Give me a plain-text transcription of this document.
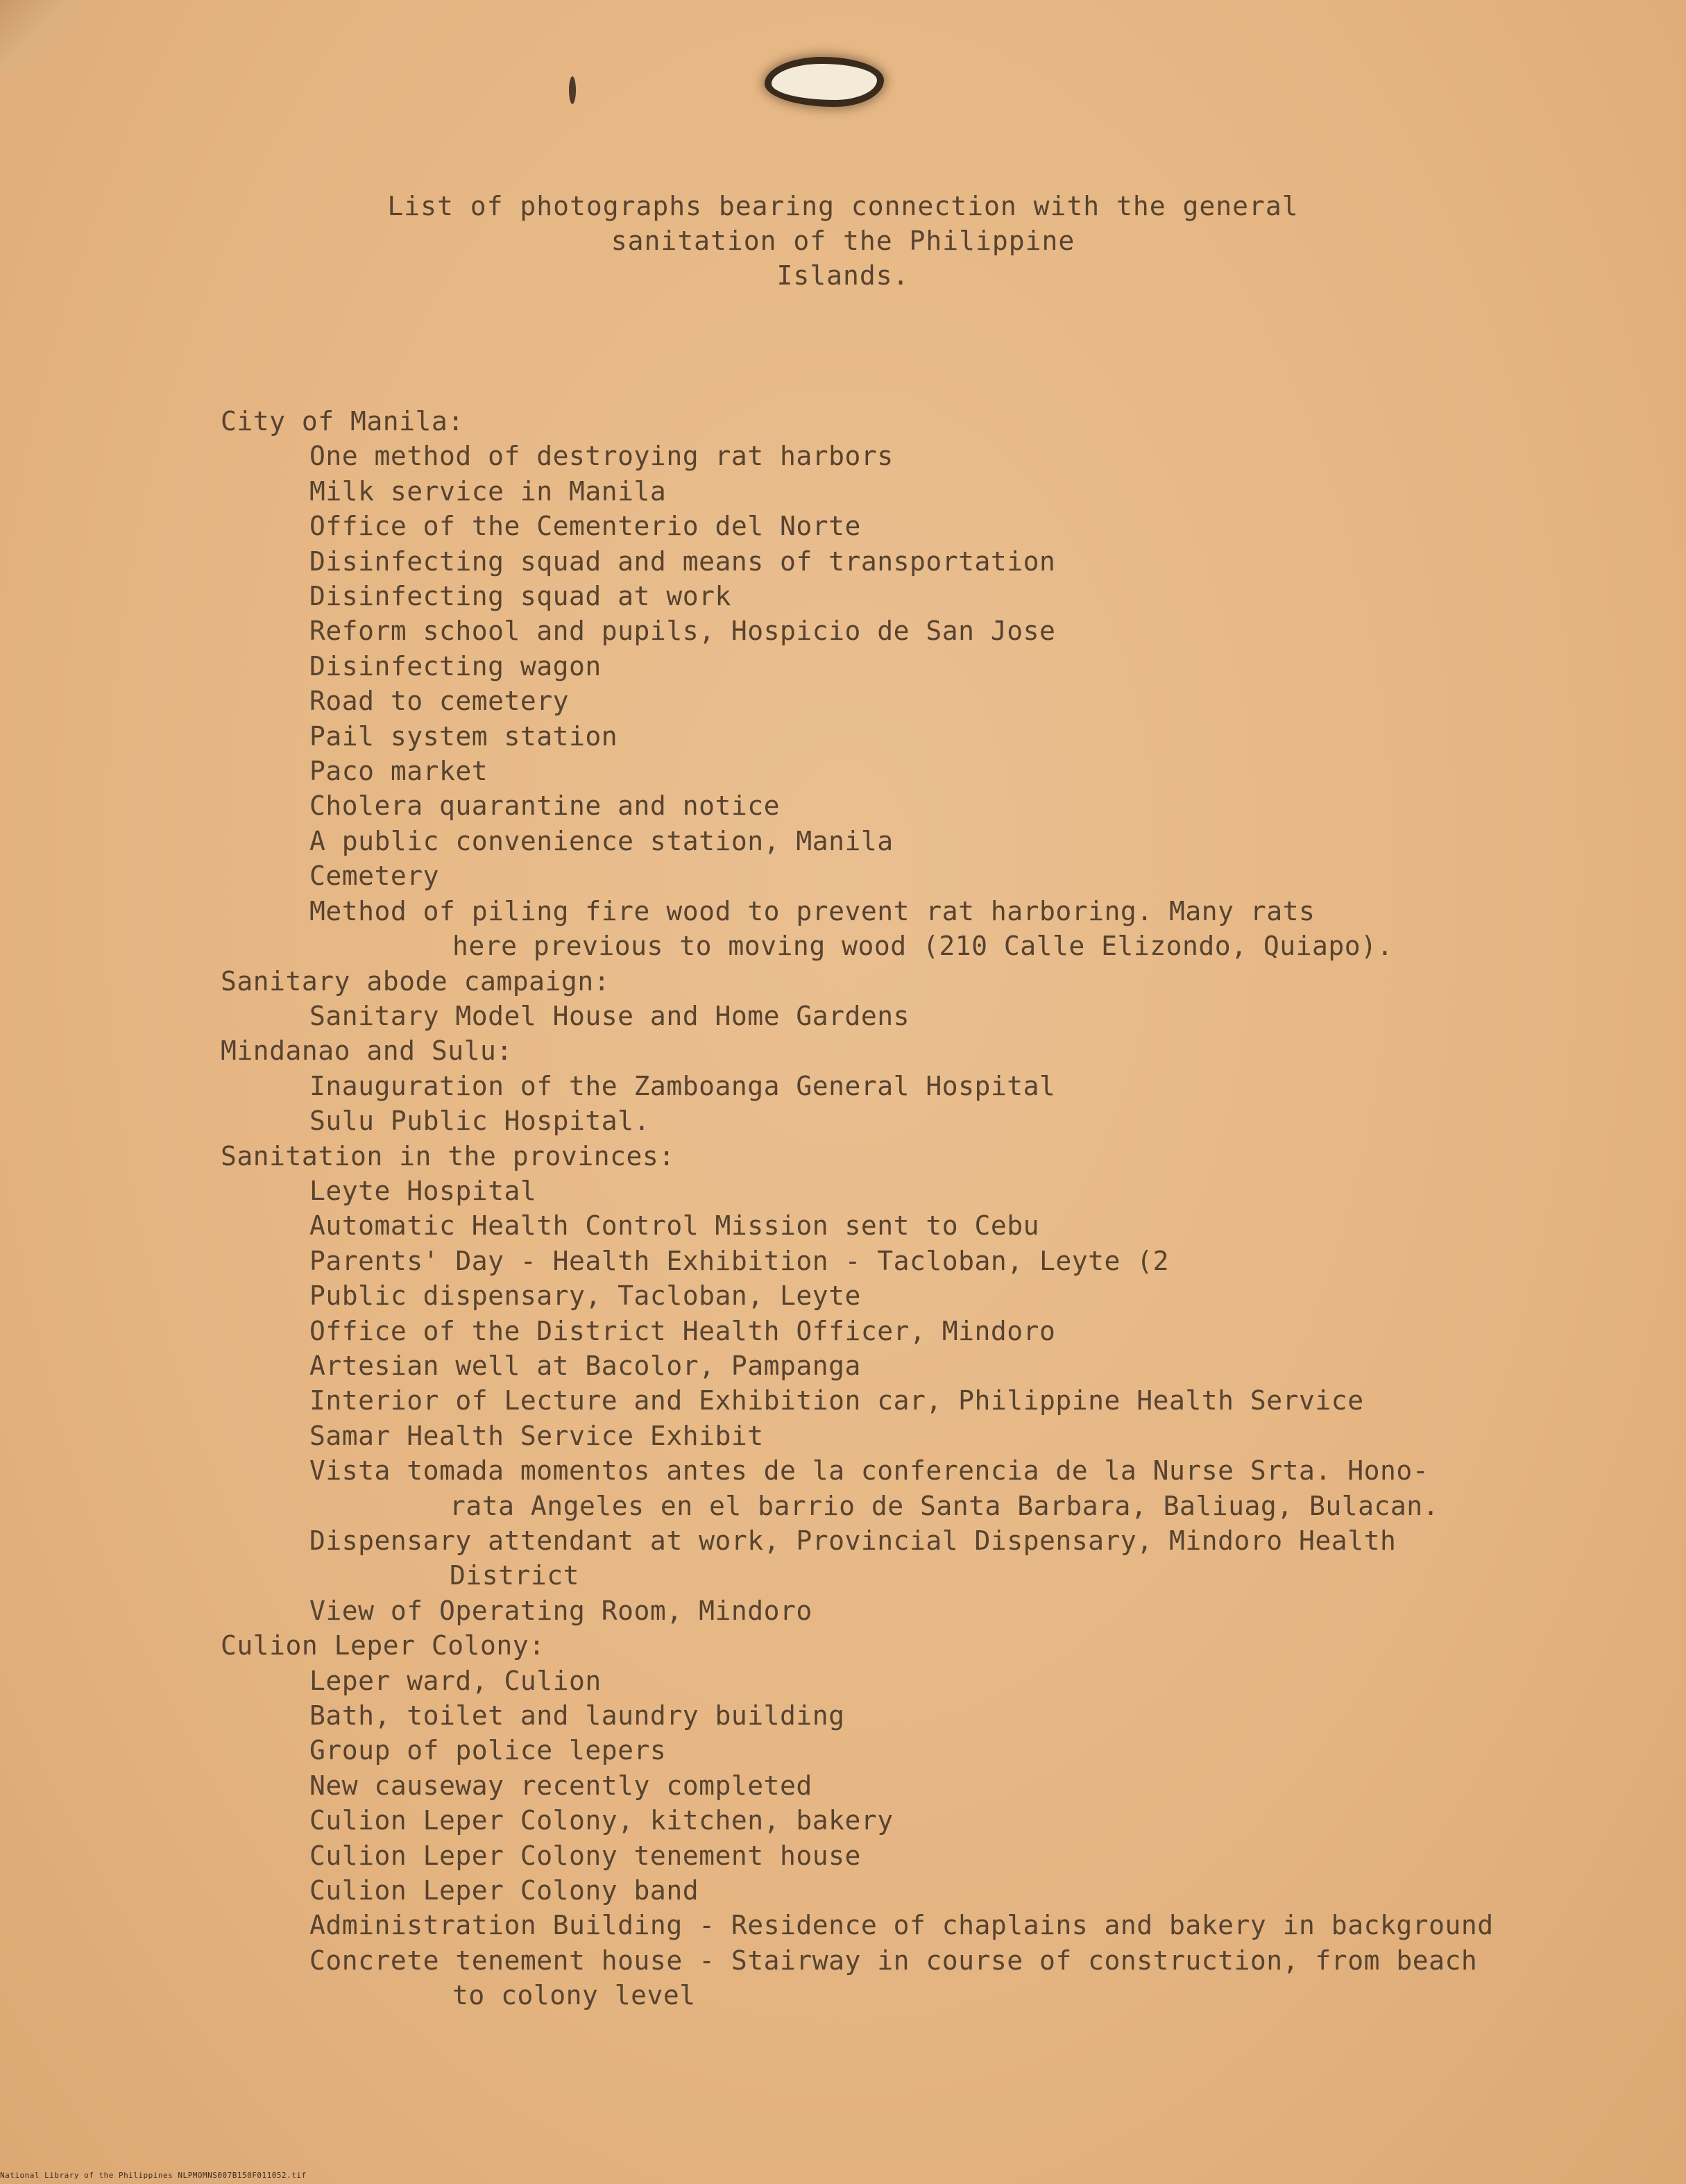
List of photographs bearing connection with the general
sanitation of the Philippine
Islands.
City of Manila:
One method of destroying rat harbors
Milk service in Manila
Office of the Cementerio del Norte
Disinfecting squad and means of transportation
Disinfecting squad at work
Reform school and pupils, Hospicio de San Jose
Disinfecting wagon
Road to cemetery
Pail system station
Paco market
Cholera quarantine and notice
A public convenience station, Manila
Cemetery
Method of piling fire wood to prevent rat harboring. Many rats
here previous to moving wood (210 Calle Elizondo, Quiapo).
Sanitary abode campaign:
Sanitary Model House and Home Gardens
Mindanao and Sulu:
Inauguration of the Zamboanga General Hospital
Sulu Public Hospital.
Sanitation in the provinces:
Leyte Hospital
Automatic Health Control Mission sent to Cebu
Parents' Day - Health Exhibition - Tacloban, Leyte (2
Public dispensary, Tacloban, Leyte
Office of the District Health Officer, Mindoro
Artesian well at Bacolor, Pampanga
Interior of Lecture and Exhibition car, Philippine Health Service
Samar Health Service Exhibit
Vista tomada momentos antes de la conferencia de la Nurse Srta. Hono-
rata Angeles en el barrio de Santa Barbara, Baliuag, Bulacan.
Dispensary attendant at work, Provincial Dispensary, Mindoro Health
District
View of Operating Room, Mindoro
Culion Leper Colony:
Leper ward, Culion
Bath, toilet and laundry building
Group of police lepers
New causeway recently completed
Culion Leper Colony, kitchen, bakery
Culion Leper Colony tenement house
Culion Leper Colony band
Administration Building - Residence of chaplains and bakery in background
Concrete tenement house - Stairway in course of construction, from beach
to colony level
National Library of the Philippines NLPMOMNS007B150F011052.tif
